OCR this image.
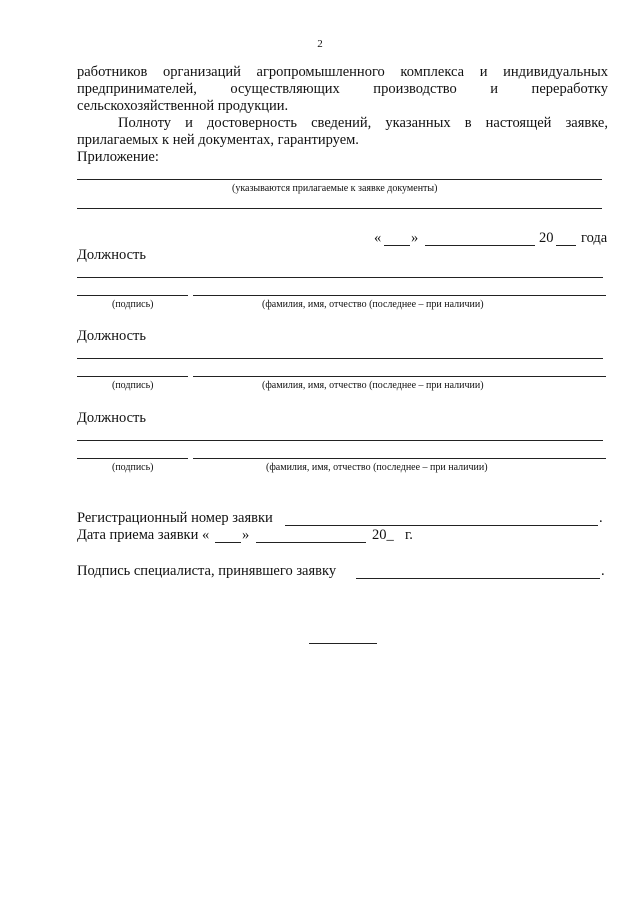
2
работников организаций агропромышленного комплекса и индивидуальных
предпринимателей, осуществляющих производство и переработку
сельскохозяйственной продукции.
Полноту и достоверность сведений, указанных в настоящей заявке,
прилагаемых к ней документах, гарантируем.
Приложение:
(указываются прилагаемые к заявке документы)
« »	20 года
Должность
(подпись)	(фамилия, имя, отчество (последнее – при наличии)
Должность
(подпись)	(фамилия, имя, отчество (последнее – при наличии)
Должность
(подпись)	(фамилия, имя, отчество (последнее – при наличии)
Регистрационный номер заявки	.
Дата приема заявки « »	20_ г.
Подпись специалиста, принявшего заявку	.
